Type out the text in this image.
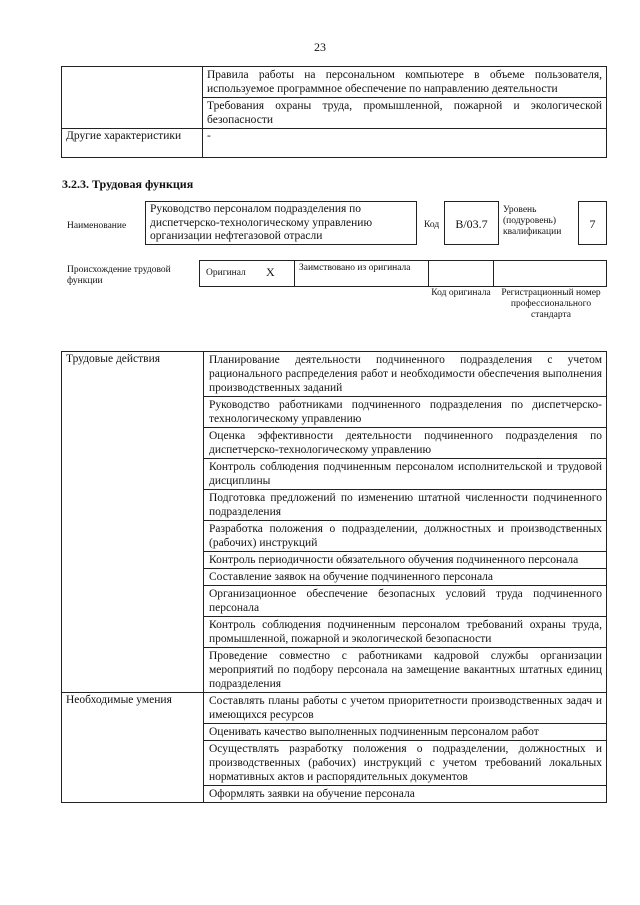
23
	Правила работы на персональном компьютере в объеме пользователя, используемое программное обеспечение по направлению деятельности
	Требования охраны труда, промышленной, пожарной и экологической безопасности
Другие характеристики	-
3.2.3. Трудовая функция
Наименование
Руководство персоналом подразделения по диспетчерско-технологическому управлению организации нефтегазовой отрасли
Код	B/03.7
Уровень (подуровень) квалификации
7
Происхождение трудовой функции
Оригинал X	Заимствовано из оригинала
Код оригинала	Регистрационный номер профессионального стандарта
Трудовые действия	Планирование деятельности подчиненного подразделения с учетом рационального распределения работ и необходимости обеспечения выполнения производственных заданий
	Руководство работниками подчиненного подразделения по диспетчерско-технологическому управлению
	Оценка эффективности деятельности подчиненного подразделения по диспетчерско-технологическому управлению
	Контроль соблюдения подчиненным персоналом исполнительской и трудовой дисциплины
	Подготовка предложений по изменению штатной численности подчиненного подразделения
	Разработка положения о подразделении, должностных и производственных (рабочих) инструкций
	Контроль периодичности обязательного обучения подчиненного персонала
	Составление заявок на обучение подчиненного персонала
	Организационное обеспечение безопасных условий труда подчиненного персонала
	Контроль соблюдения подчиненным персоналом требований охраны труда, промышленной, пожарной и экологической безопасности
	Проведение совместно с работниками кадровой службы организации мероприятий по подбору персонала на замещение вакантных штатных единиц подразделения
Необходимые умения	Составлять планы работы с учетом приоритетности производственных задач и имеющихся ресурсов
	Оценивать качество выполненных подчиненным персоналом работ
	Осуществлять разработку положения о подразделении, должностных и производственных (рабочих) инструкций с учетом требований локальных нормативных актов и распорядительных документов
	Оформлять заявки на обучение персонала
